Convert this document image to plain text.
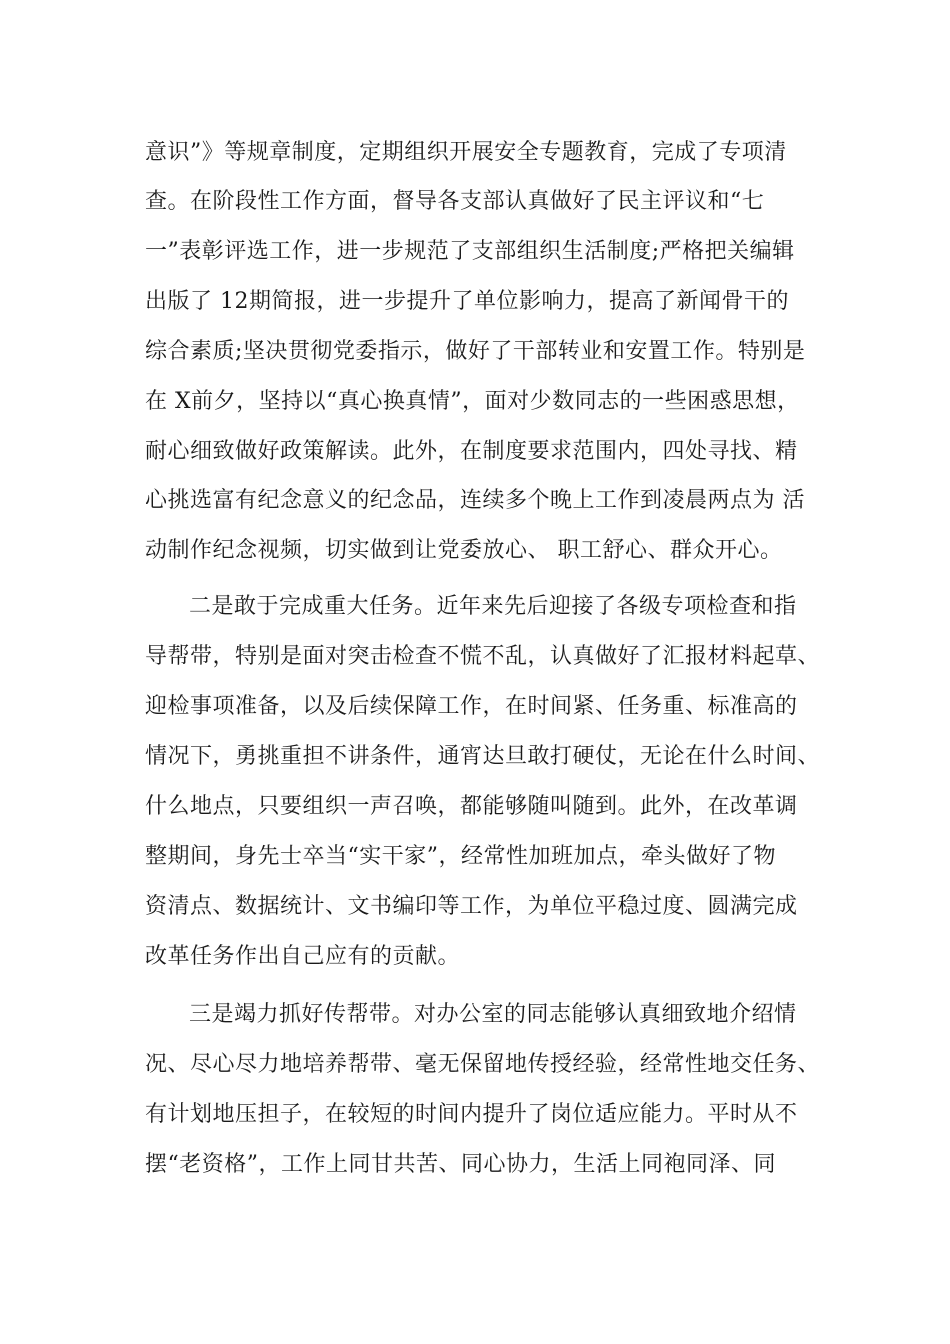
意识”》等规章制度，定期组织开展安全专题教育，完成了专项清
查。在阶段性工作方面，督导各支部认真做好了民主评议和“七
一”表彰评选工作，进一步规范了支部组织生活制度;严格把关编辑
出版了 12期简报，进一步提升了单位影响力，提高了新闻骨干的
综合素质;坚决贯彻党委指示，做好了干部转业和安置工作。特别是
在 X前夕，坚持以“真心换真情”，面对少数同志的一些困惑思想，
耐心细致做好政策解读。此外，在制度要求范围内，四处寻找、精
心挑选富有纪念意义的纪念品，连续多个晚上工作到凌晨两点为 活
动制作纪念视频，切实做到让党委放心、 职工舒心、群众开心。
二是敢于完成重大任务。近年来先后迎接了各级专项检查和指
导帮带，特别是面对突击检查不慌不乱，认真做好了汇报材料起草、
迎检事项准备，以及后续保障工作，在时间紧、任务重、标准高的
情况下，勇挑重担不讲条件，通宵达旦敢打硬仗，无论在什么时间、
什么地点，只要组织一声召唤，都能够随叫随到。此外，在改革调
整期间，身先士卒当“实干家”，经常性加班加点，牵头做好了物
资清点、数据统计、文书编印等工作，为单位平稳过度、圆满完成
改革任务作出自己应有的贡献。
三是竭力抓好传帮带。对办公室的同志能够认真细致地介绍情
况、尽心尽力地培养帮带、毫无保留地传授经验，经常性地交任务、
有计划地压担子，在较短的时间内提升了岗位适应能力。平时从不
摆“老资格”，工作上同甘共苦、同心协力，生活上同袍同泽、同
